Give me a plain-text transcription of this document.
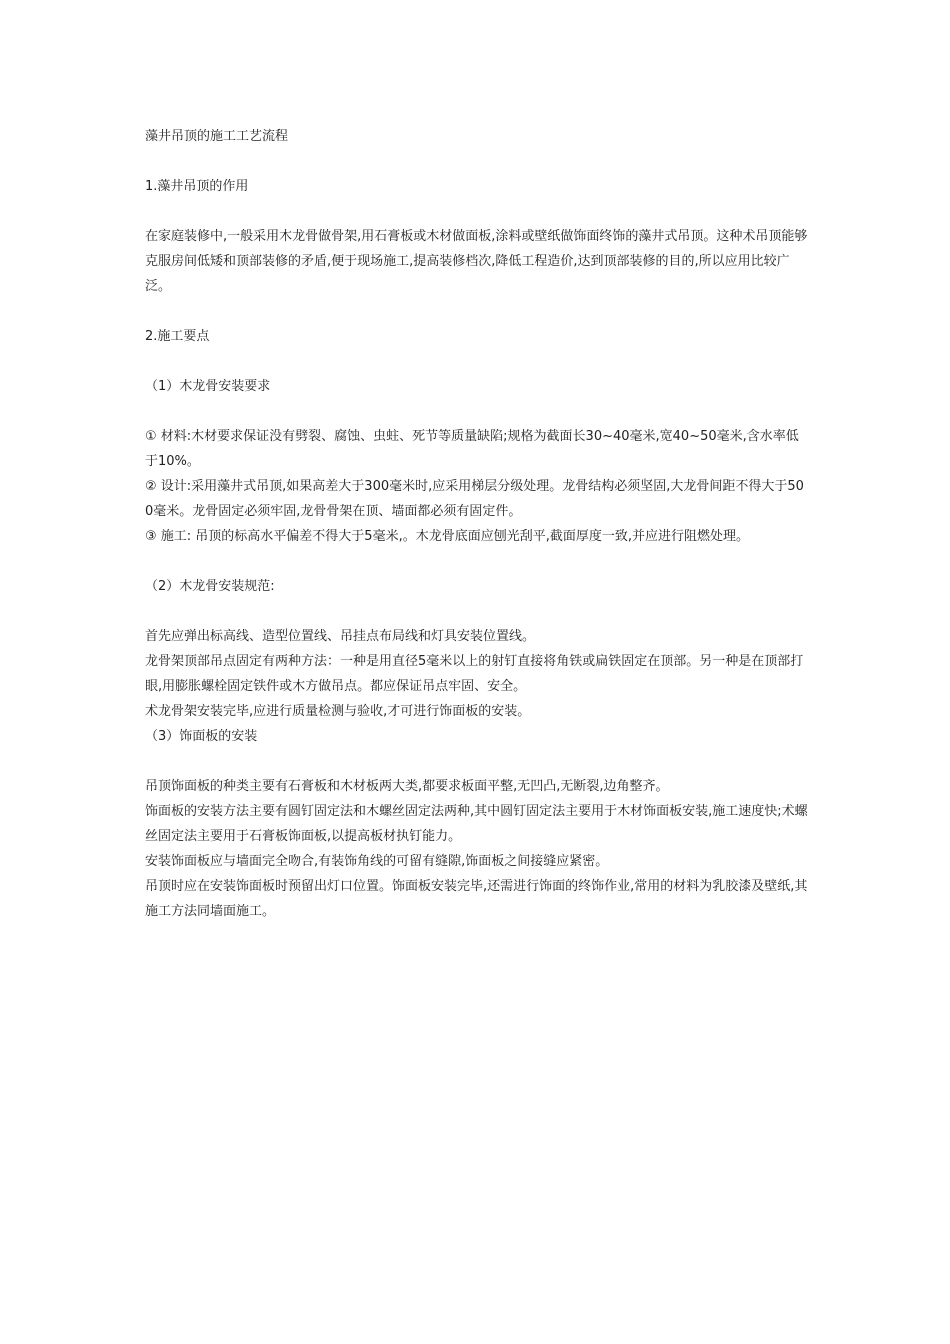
藻井吊顶的施工工艺流程
1.藻井吊顶的作用
在家庭装修中,一般采用木龙骨做骨架,用石膏板或木材做面板,涂料或壁纸做饰面终饰的藻井式吊顶。这种术吊顶能够克服房间低矮和顶部装修的矛盾,便于现场施工,提高装修档次,降低工程造价,达到顶部装修的目的,所以应用比较广泛。
2.施工要点
（1）木龙骨安装要求
① 材料:木材要求保证没有劈裂、腐蚀、虫蛀、死节等质量缺陷;规格为截面长30~40毫米,宽40~50毫米,含水率低于10%。
② 设计:采用藻井式吊顶,如果高差大于300毫米时,应采用梯层分级处理。龙骨结构必须坚固,大龙骨间距不得大于500毫米。龙骨固定必须牢固,龙骨骨架在顶、墙面都必须有固定件。
③ 施工: 吊顶的标高水平偏差不得大于5毫米,。木龙骨底面应刨光刮平,截面厚度一致,并应进行阻燃处理。
（2）木龙骨安装规范:
首先应弹出标高线、造型位置线、吊挂点布局线和灯具安装位置线。
龙骨架顶部吊点固定有两种方法：一种是用直径5毫米以上的射钉直接将角铁或扁铁固定在顶部。另一种是在顶部打眼,用膨胀螺栓固定铁件或木方做吊点。都应保证吊点牢固、安全。
术龙骨架安装完毕,应进行质量检测与验收,才可进行饰面板的安装。
（3）饰面板的安装
吊顶饰面板的种类主要有石膏板和木材板两大类,都要求板面平整,无凹凸,无断裂,边角整齐。
饰面板的安装方法主要有圆钉固定法和木螺丝固定法两种,其中圆钉固定法主要用于木材饰面板安装,施工速度快;术螺丝固定法主要用于石膏板饰面板,以提高板材执钉能力。
安装饰面板应与墙面完全吻合,有装饰角线的可留有缝隙,饰面板之间接缝应紧密。
吊顶时应在安装饰面板时预留出灯口位置。饰面板安装完毕,还需进行饰面的终饰作业,常用的材料为乳胶漆及壁纸,其施工方法同墙面施工。
